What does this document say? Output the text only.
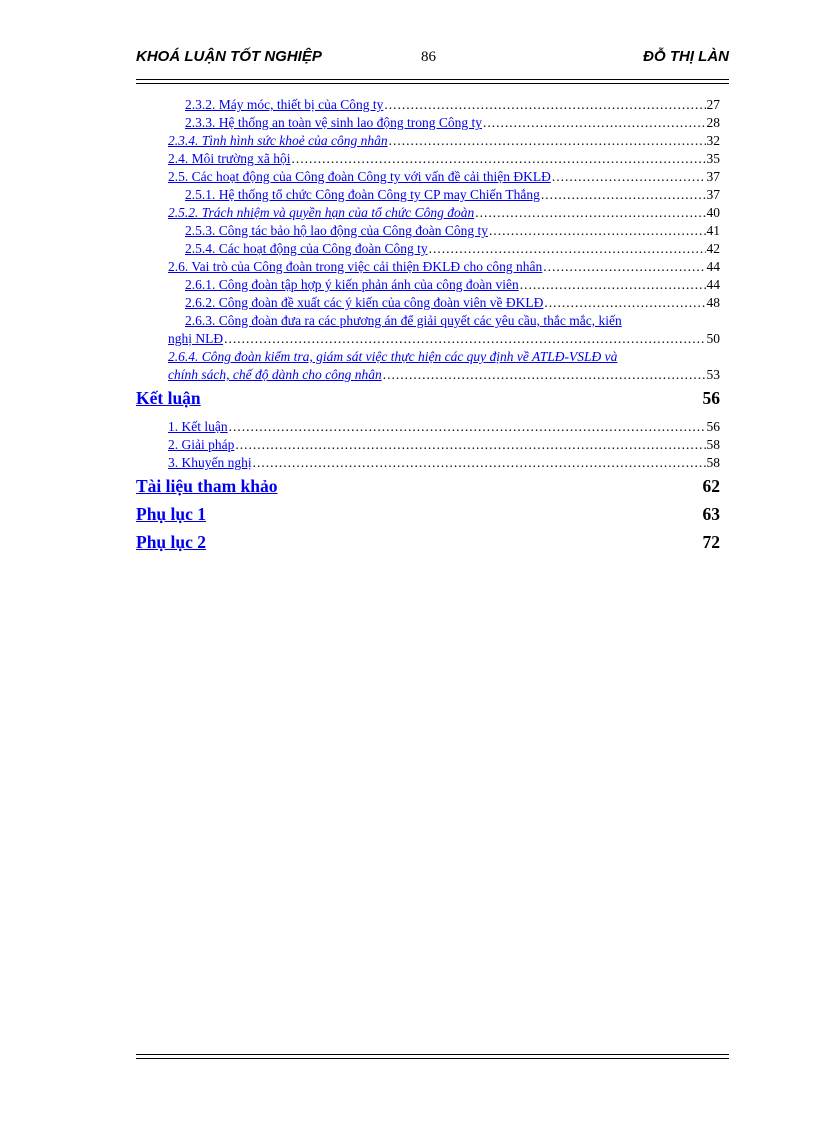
KHOÁ LUẬN TỐT NGHIỆP	86	ĐỖ THỊ LÀN
2.3.2. Máy móc, thiết bị của Công ty .....	27
2.3.3. Hệ thống an toàn vệ sinh lao động trong Công ty .....	28
2.3.4. Tình hình sức khoẻ của công nhân .....	32
2.4. Môi trường xã hội .....	35
2.5. Các hoạt động của Công đoàn Công ty với vấn đề cải thiện ĐKLĐ .....	37
2.5.1. Hệ thống tổ chức Công đoàn Công ty CP may Chiến Thắng .....	37
2.5.2. Trách nhiệm và quyền hạn của tổ chức Công đoàn .....	40
2.5.3. Công tác bảo hộ lao động của Công đoàn Công ty .....	41
2.5.4. Các hoạt động của Công đoàn Công ty .....	42
2.6. Vai trò của Công đoàn trong việc cải thiện ĐKLĐ cho công nhân .....	44
2.6.1. Công đoàn tập hợp ý kiến phản ánh của công đoàn viên .....	44
2.6.2. Công đoàn đề xuất các ý kiến của công đoàn viên về ĐKLĐ .....	48
2.6.3. Công đoàn đưa ra các phương án để giải quyết các yêu cầu, thắc mắc, kiến
nghị NLĐ .....	50
2.6.4. Công đoàn kiểm tra, giám sát việc thực hiện các quy định về ATLĐ-VSLĐ và
chính sách, chế độ dành cho công nhân .....	53
Kết luận	56
1. Kết luận .....	56
2. Giải pháp .....	58
3. Khuyến nghị .....	58
Tài liệu tham khảo	62
Phụ lục 1	63
Phụ lục 2	72
